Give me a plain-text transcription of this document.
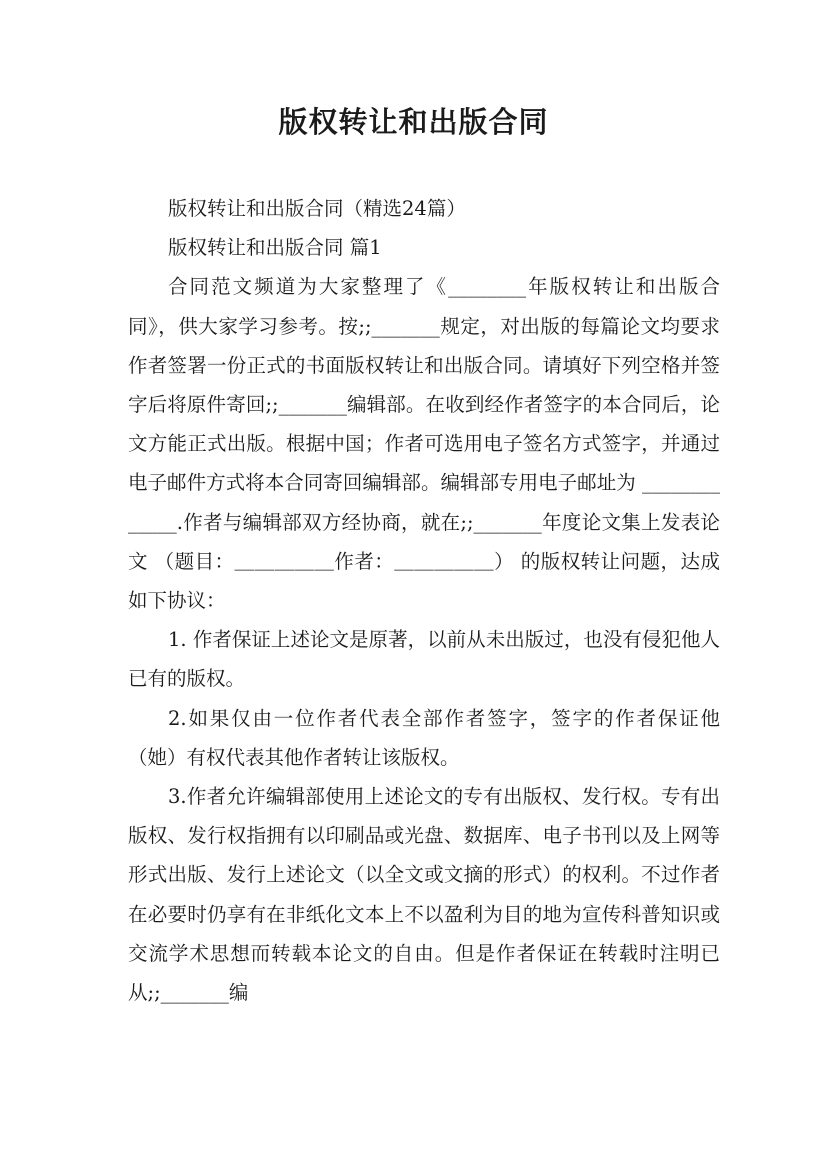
版权转让和出版合同

版权转让和出版合同（精选24篇）

版权转让和出版合同 篇1

合同范文频道为大家整理了《________年版权转让和出版合同》，供大家学习参考。按;;_______规定，对出版的每篇论文均要求作者签署一份正式的书面版权转让和出版合同。请填好下列空格并签字后将原件寄回;;_______编辑部。在收到经作者签字的本合同后，论文方能正式出版。根据中国；作者可选用电子签名方式签字，并通过电子邮件方式将本合同寄回编辑部。编辑部专用电子邮址为 _____________.作者与编辑部双方经协商，就在;;_______年度论文集上发表论文 （题目：＿＿＿＿＿作者：＿＿＿＿＿） 的版权转让问题，达成如下协议：

1. 作者保证上述论文是原著，以前从未出版过，也没有侵犯他人已有的版权。

2.如果仅由一位作者代表全部作者签字，签字的作者保证他（她）有权代表其他作者转让该版权。

3.作者允许编辑部使用上述论文的专有出版权、发行权。专有出版权、发行权指拥有以印刷品或光盘、数据库、电子书刊以及上网等形式出版、发行上述论文（以全文或文摘的形式）的权利。不过作者在必要时仍享有在非纸化文本上不以盈利为目的地为宣传科普知识或交流学术思想而转载本论文的自由。但是作者保证在转载时注明已从;;_______编
